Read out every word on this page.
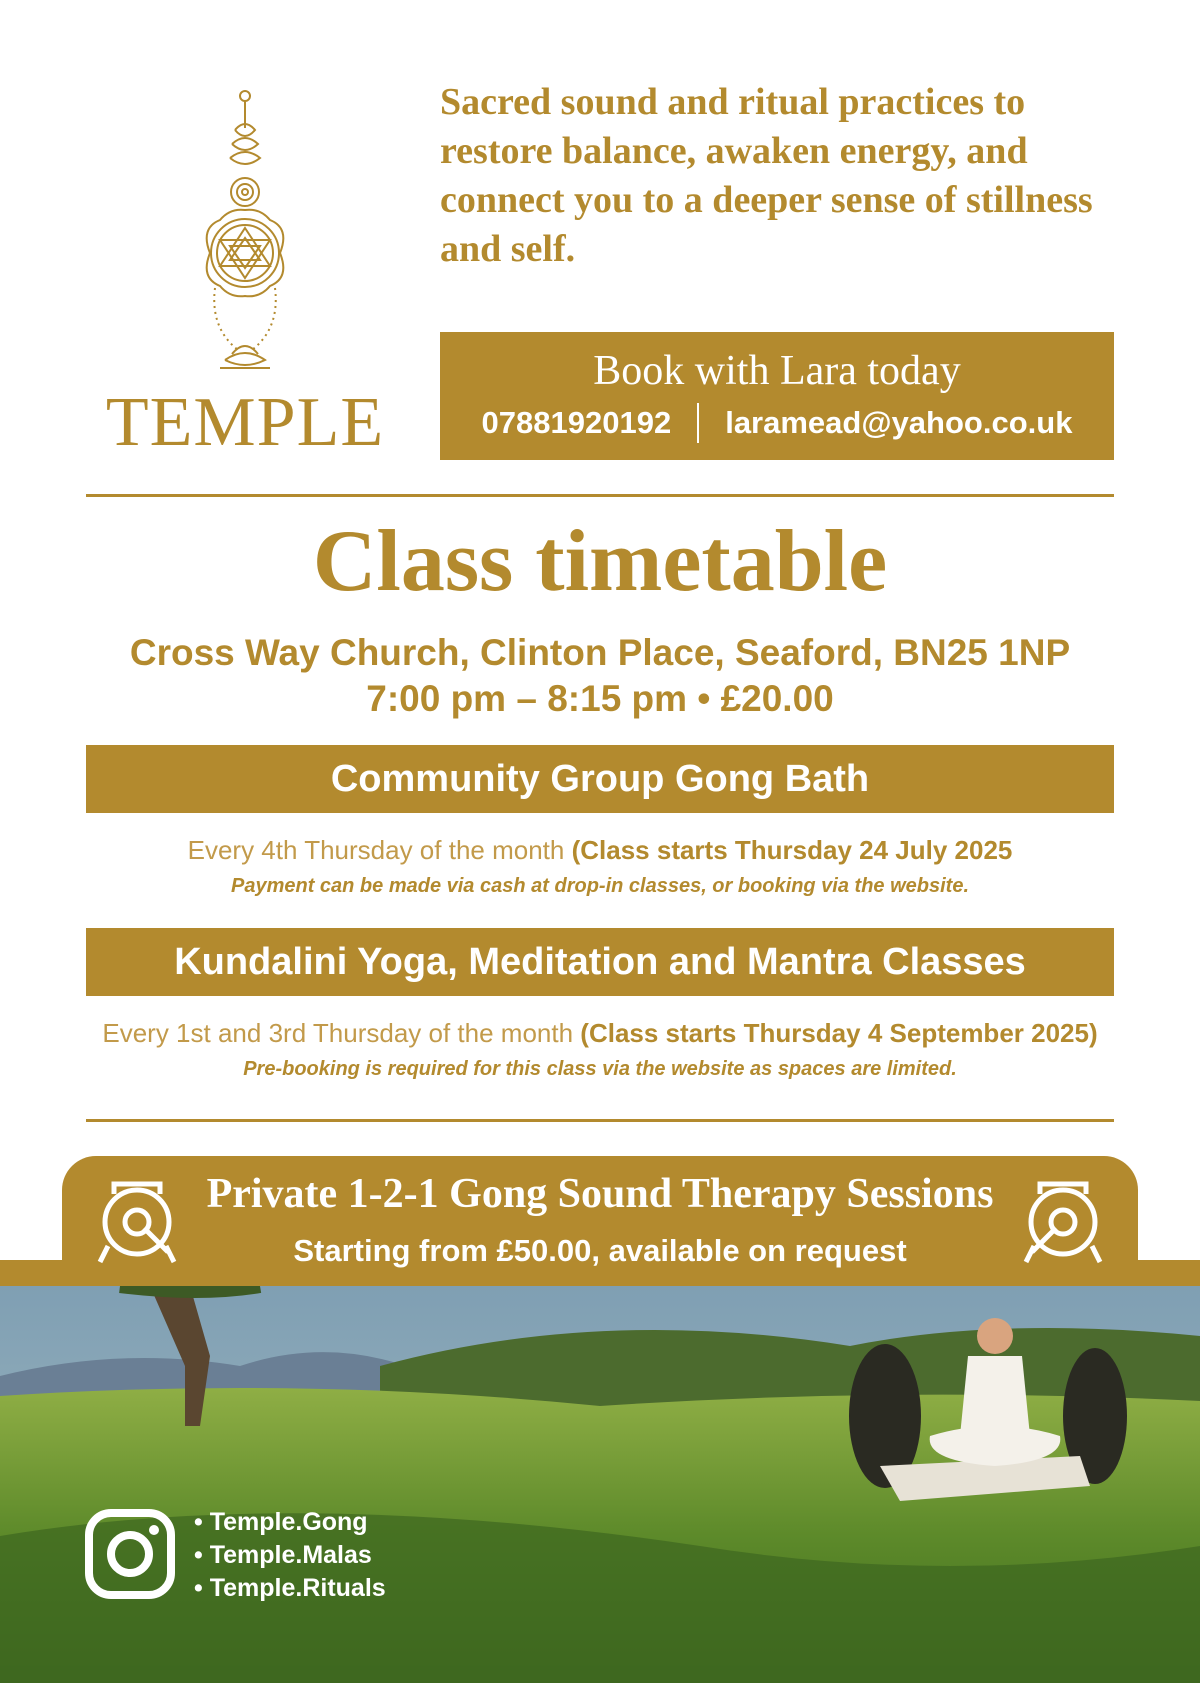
TEMPLE
Sacred sound and ritual practices to restore balance, awaken energy, and connect you to a deeper sense of stillness and self.
Book with Lara today
07881920192 laramead@yahoo.co.uk
Class timetable
Cross Way Church, Clinton Place, Seaford, BN25 1NP
7:00 pm – 8:15 pm • £20.00
Community Group Gong Bath
Every 4th Thursday of the month (Class starts Thursday 24 July 2025
Payment can be made via cash at drop-in classes, or booking via the website.
Kundalini Yoga, Meditation and Mantra Classes
Every 1st and 3rd Thursday of the month (Class starts Thursday 4 September 2025)
Pre-booking is required for this class via the website as spaces are limited.
Private 1-2-1 Gong Sound Therapy Sessions
Starting from £50.00, available on request
• Temple.Gong
• Temple.Malas
• Temple.Rituals
